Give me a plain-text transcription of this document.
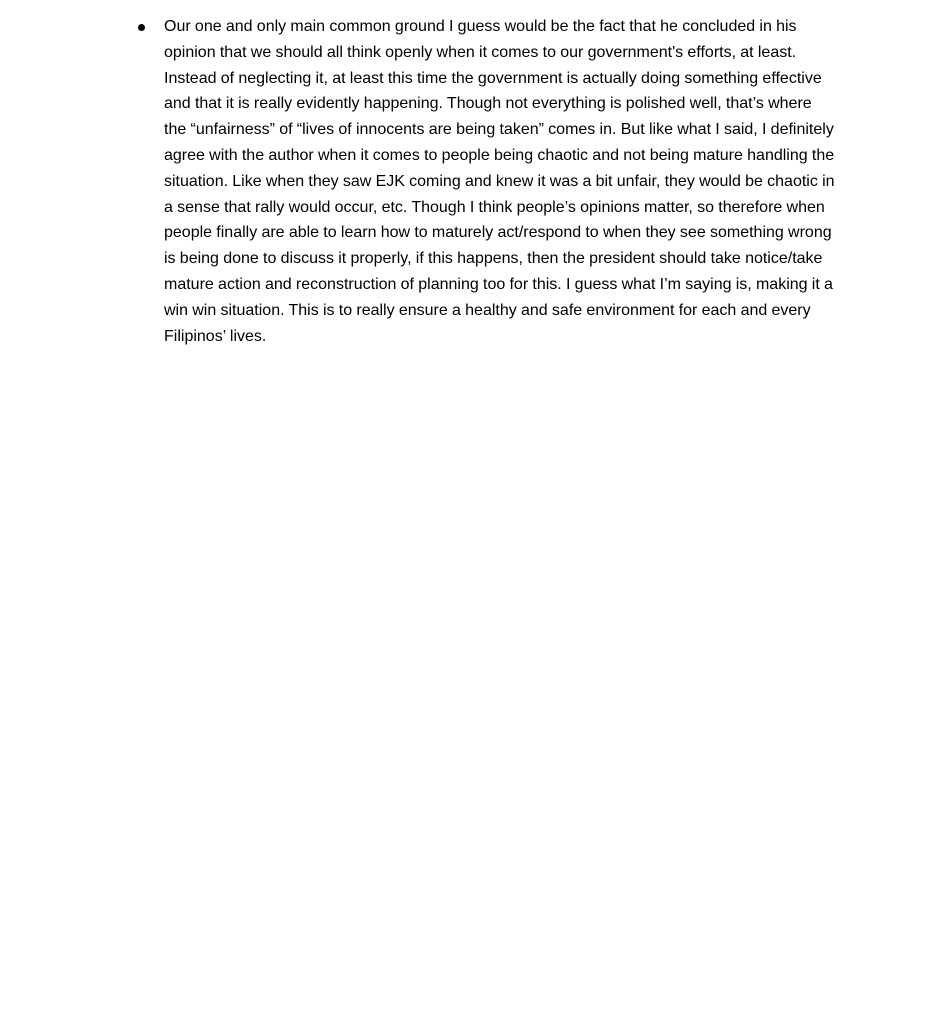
Our one and only main common ground I guess would be the fact that he concluded in his opinion that we should all think openly when it comes to our government's efforts, at least. Instead of neglecting it, at least this time the government is actually doing something effective and that it is really evidently happening. Though not everything is polished well, that’s where the “unfairness” of “lives of innocents are being taken” comes in. But like what I said, I definitely agree with the author when it comes to people being chaotic and not being mature handling the situation. Like when they saw EJK coming and knew it was a bit unfair, they would be chaotic in a sense that rally would occur, etc. Though I think people’s opinions matter, so therefore when people finally are able to learn how to maturely act/respond to when they see something wrong is being done to discuss it properly, if this happens, then the president should take notice/take mature action and reconstruction of planning too for this. I guess what I’m saying is, making it a win win situation. This is to really ensure a healthy and safe environment for each and every Filipinos’ lives.
